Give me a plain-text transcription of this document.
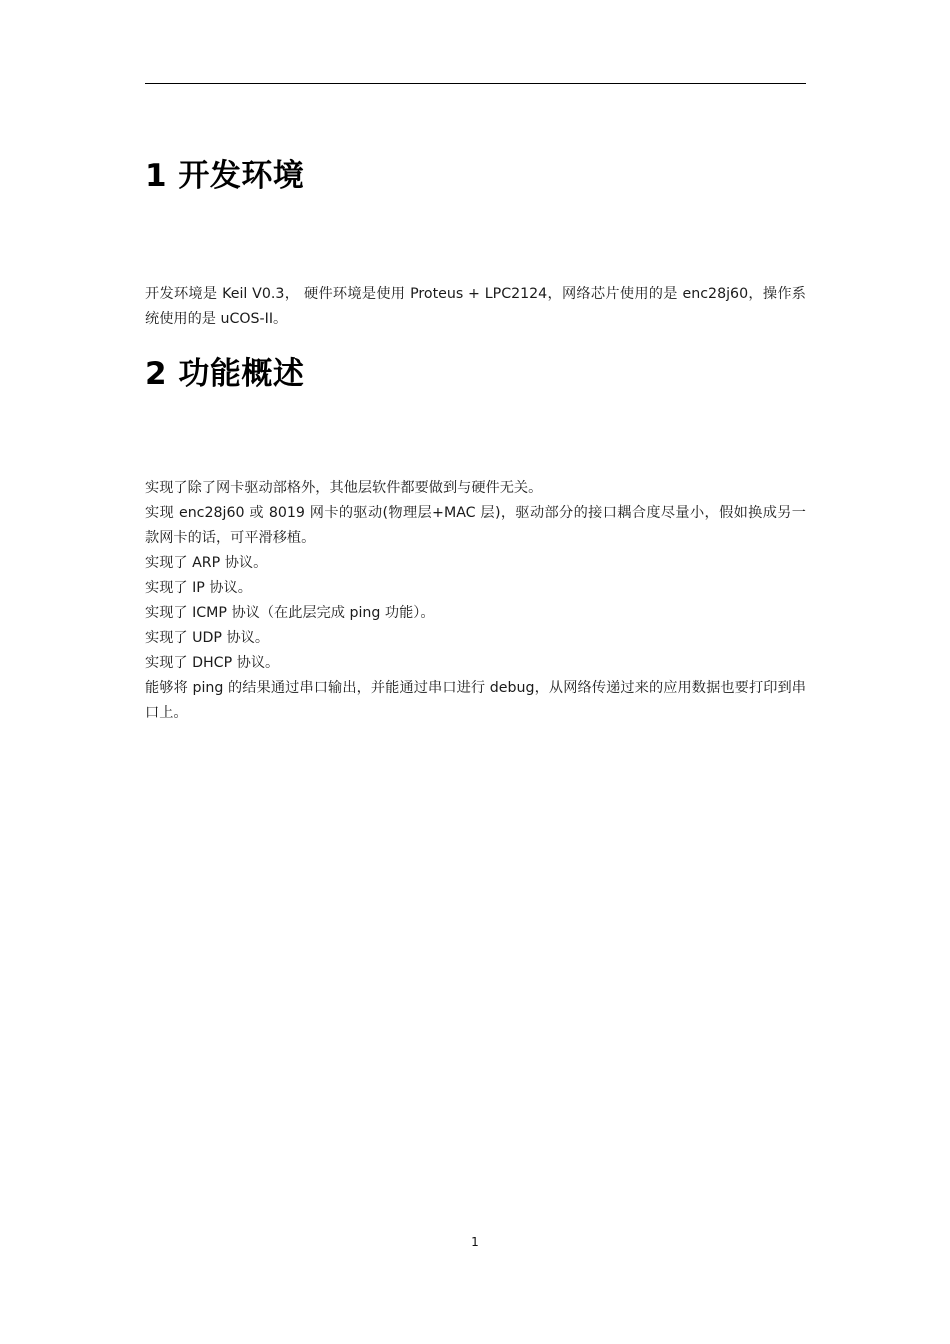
1 开发环境

开发环境是 Keil V0.3， 硬件环境是使用 Proteus + LPC2124，网络芯片使用的是 enc28j60，操作系统使用的是 uCOS-II。

2 功能概述

实现了除了网卡驱动部格外，其他层软件都要做到与硬件无关。

实现 enc28j60 或 8019 网卡的驱动(物理层+MAC 层)，驱动部分的接口耦合度尽量小，假如换成另一款网卡的话，可平滑移植。

实现了 ARP 协议。

实现了 IP 协议。

实现了 ICMP 协议（在此层完成 ping 功能）。

实现了 UDP 协议。

实现了 DHCP 协议。

能够将 ping 的结果通过串口输出，并能通过串口进行 debug，从网络传递过来的应用数据也要打印到串口上。

1
